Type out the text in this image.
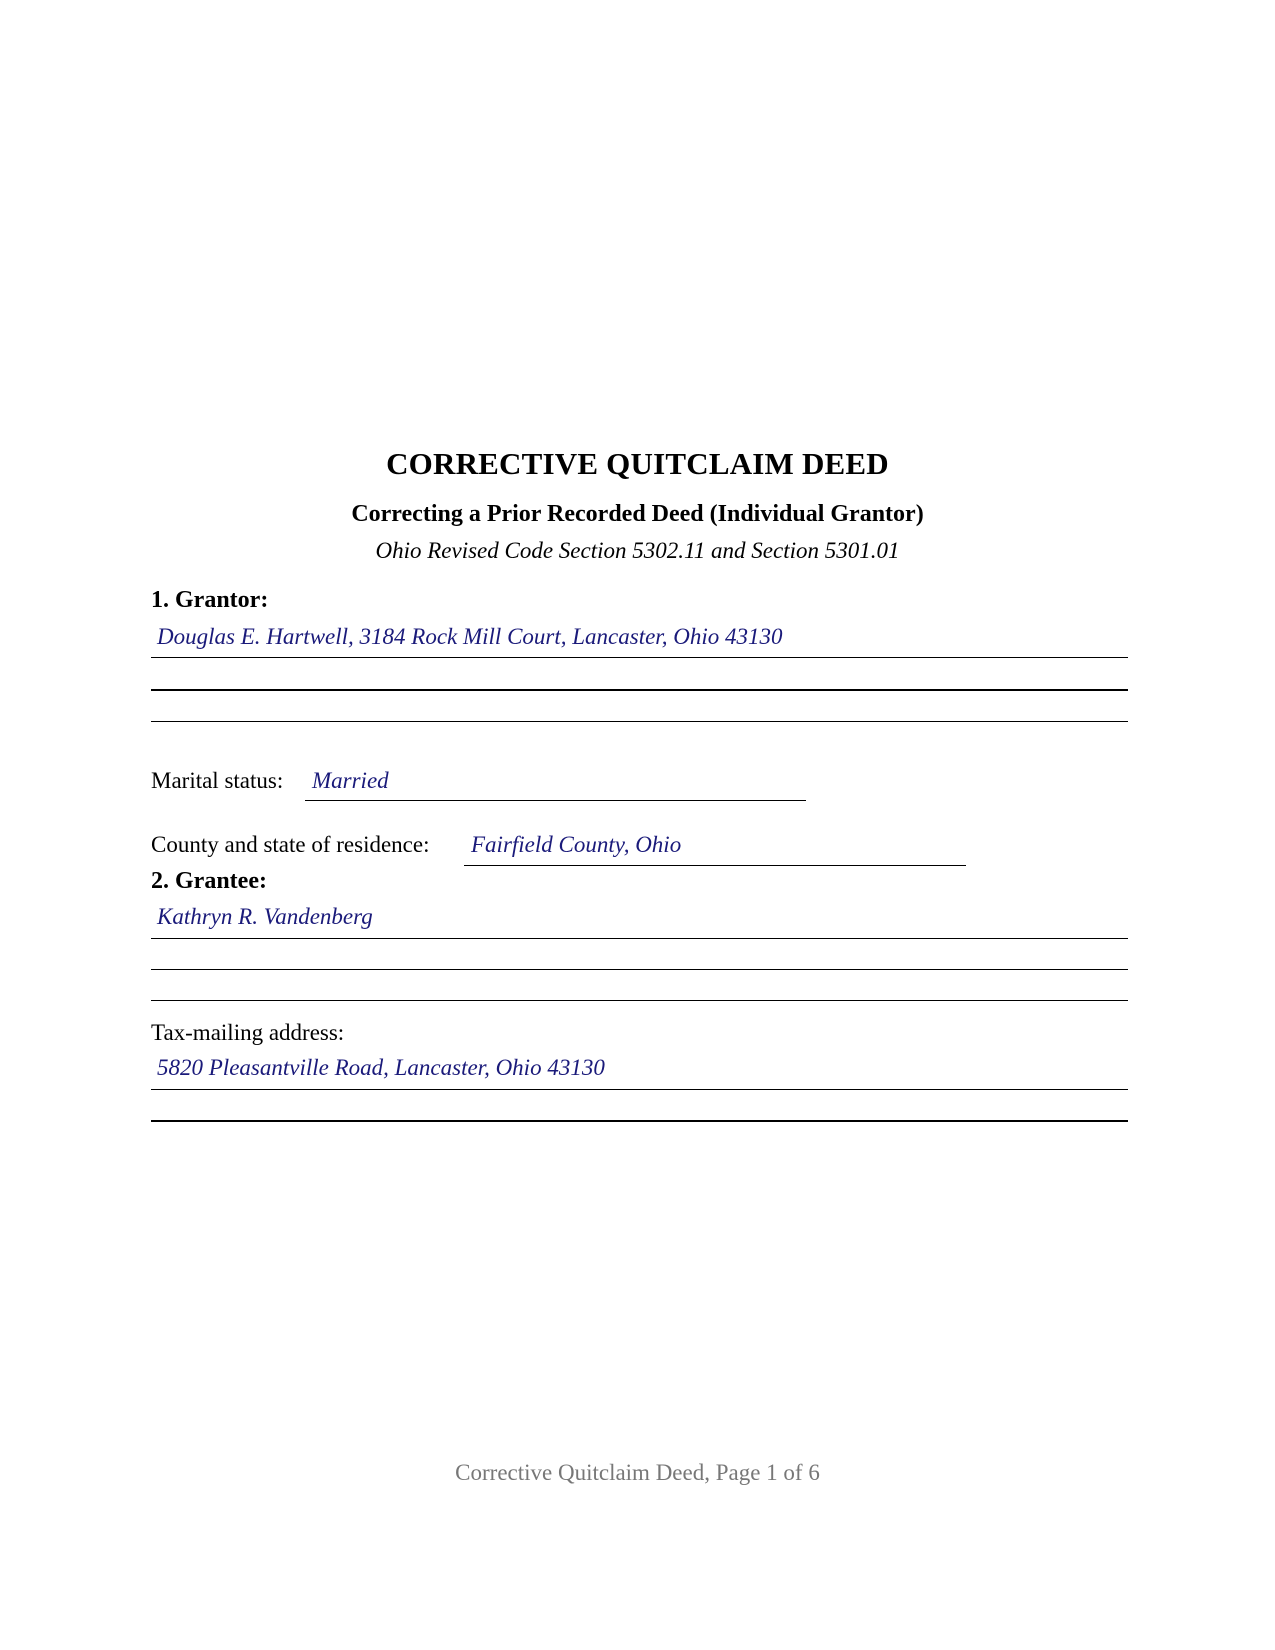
CORRECTIVE QUITCLAIM DEED
Correcting a Prior Recorded Deed (Individual Grantor)
Ohio Revised Code Section 5302.11 and Section 5301.01
1. Grantor:
Douglas E. Hartwell, 3184 Rock Mill Court, Lancaster, Ohio 43130
Marital status: Married
County and state of residence: Fairfield County, Ohio
2. Grantee:
Kathryn R. Vandenberg
Tax-mailing address:
5820 Pleasantville Road, Lancaster, Ohio 43130
Corrective Quitclaim Deed, Page 1 of 6
